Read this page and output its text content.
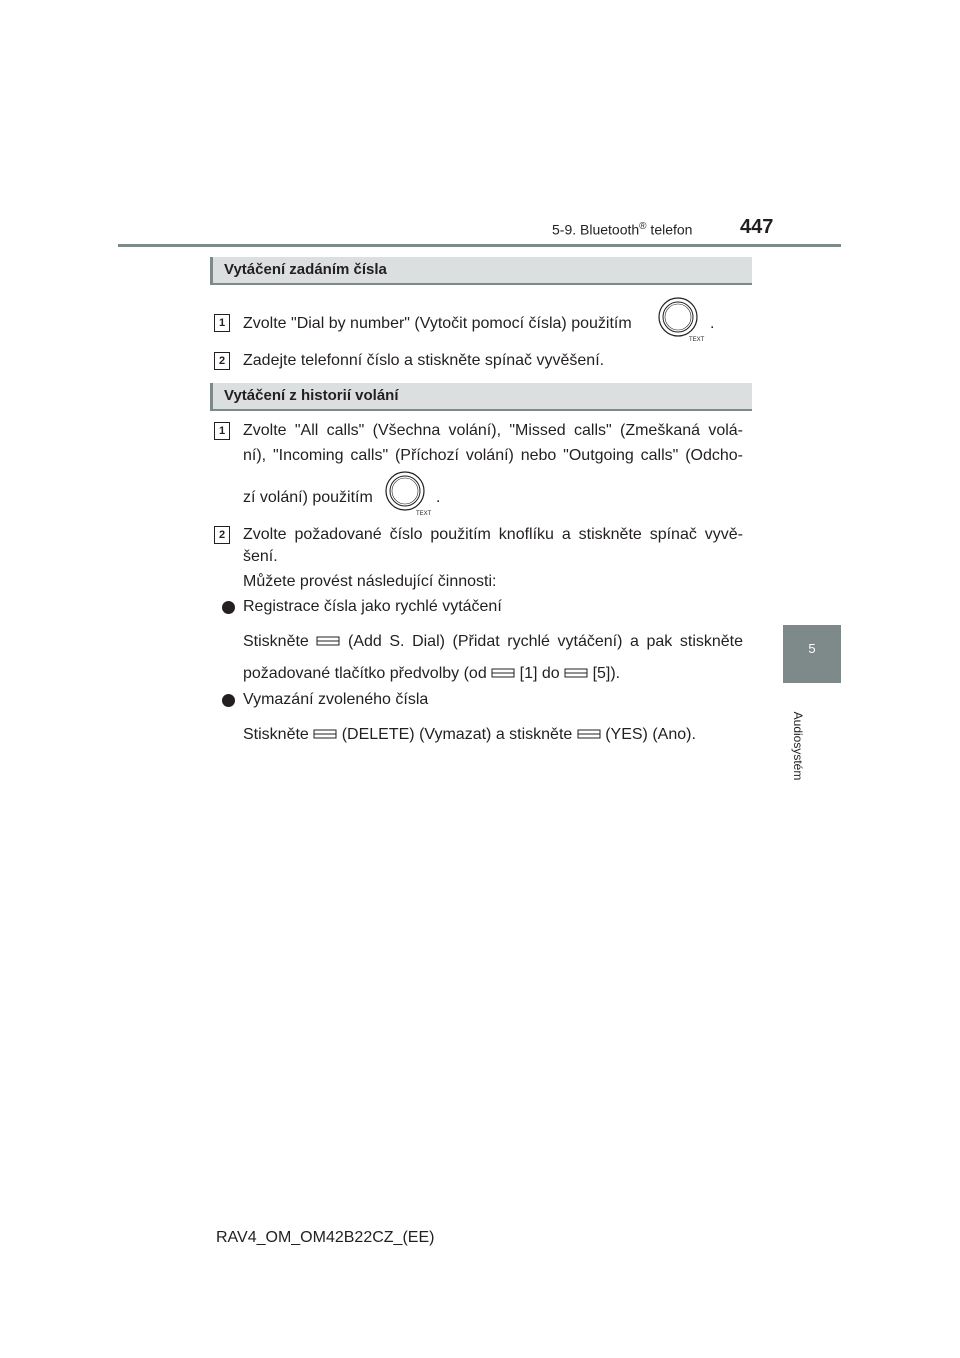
5-9. Bluetooth® telefon 447
5
Audiosystém
Vytáčení zadáním čísla
1	Zvolte "Dial by number" (Vytočit pomocí čísla) použitím
TEXT
.
2	Zadejte telefonní číslo a stiskněte spínač vyvěšení.
Vytáčení z historií volání
1	Zvolte "All calls" (Všechna volání), "Missed calls" (Zmeškaná volá-
ní), "Incoming calls" (Příchozí volání) nebo "Outgoing calls" (Odcho-
zí volání) použitím
TEXT
.
2	Zvolte požadované číslo použitím knoflíku a stiskněte spínač vyvě-
šení.
Můžete provést následující činnosti:
Registrace čísla jako rychlé vytáčení
Stiskněte (Add S. Dial) (Přidat rychlé vytáčení) a pak stiskněte
požadované tlačítko předvolby (od [1] do [5]).
Vymazání zvoleného čísla
Stiskněte (DELETE) (Vymazat) a stiskněte (YES) (Ano).
RAV4_OM_OM42B22CZ_(EE)
